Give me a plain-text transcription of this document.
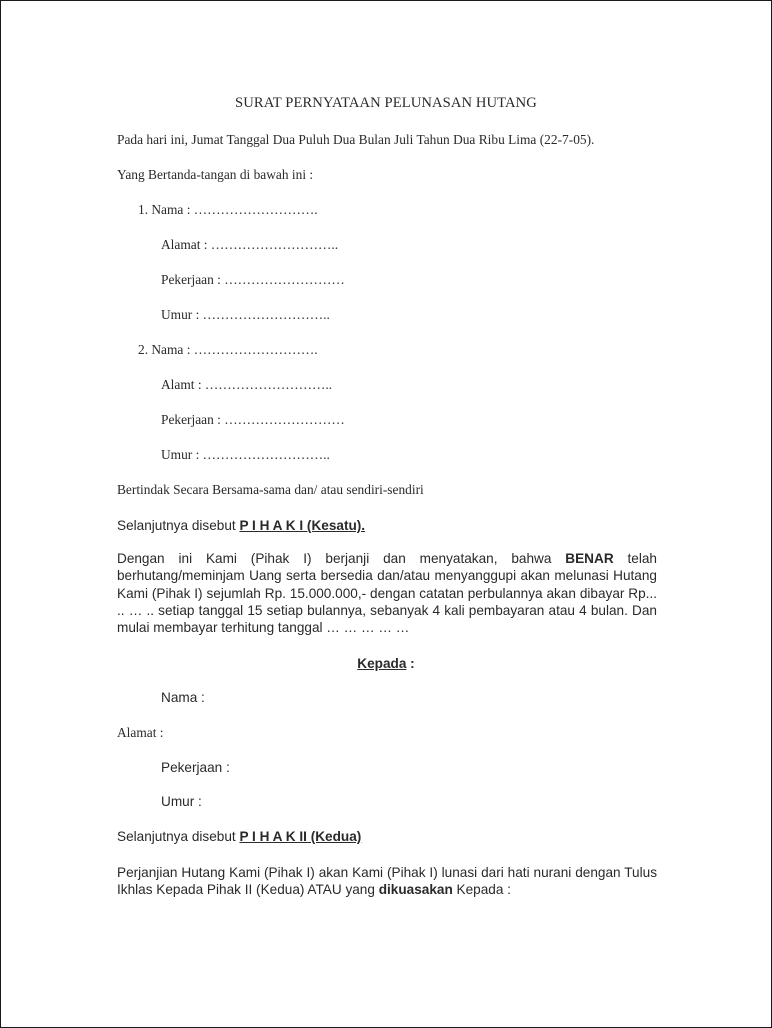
SURAT PERNYATAAN PELUNASAN HUTANG
Pada hari ini, Jumat Tanggal Dua Puluh Dua Bulan Juli Tahun Dua Ribu Lima (22-7-05).
Yang Bertanda-tangan di bawah ini :
1. Nama : ……………………….
Alamat : ………………………..
Pekerjaan : ………………………
Umur : ………………………..
2. Nama : ……………………….
Alamt : ………………………..
Pekerjaan : ………………………
Umur : ………………………..
Bertindak Secara Bersama-sama dan/ atau sendiri-sendiri
Selanjutnya disebut P I H A K I (Kesatu).
Dengan ini Kami (Pihak I) berjanji dan menyatakan, bahwa BENAR telah berhutang/meminjam Uang serta bersedia dan/atau menyanggupi akan melunasi Hutang Kami (Pihak I) sejumlah Rp. 15.000.000,- dengan catatan perbulannya akan dibayar Rp... .. … .. setiap tanggal 15 setiap bulannya, sebanyak 4 kali pembayaran atau 4 bulan. Dan mulai membayar terhitung tanggal … … … … …
Kepada :
Nama :
Alamat :
Pekerjaan :
Umur :
Selanjutnya disebut P I H A K II (Kedua)
Perjanjian Hutang Kami (Pihak I) akan Kami (Pihak I) lunasi dari hati nurani dengan Tulus Ikhlas Kepada Pihak II (Kedua) ATAU yang dikuasakan Kepada :
